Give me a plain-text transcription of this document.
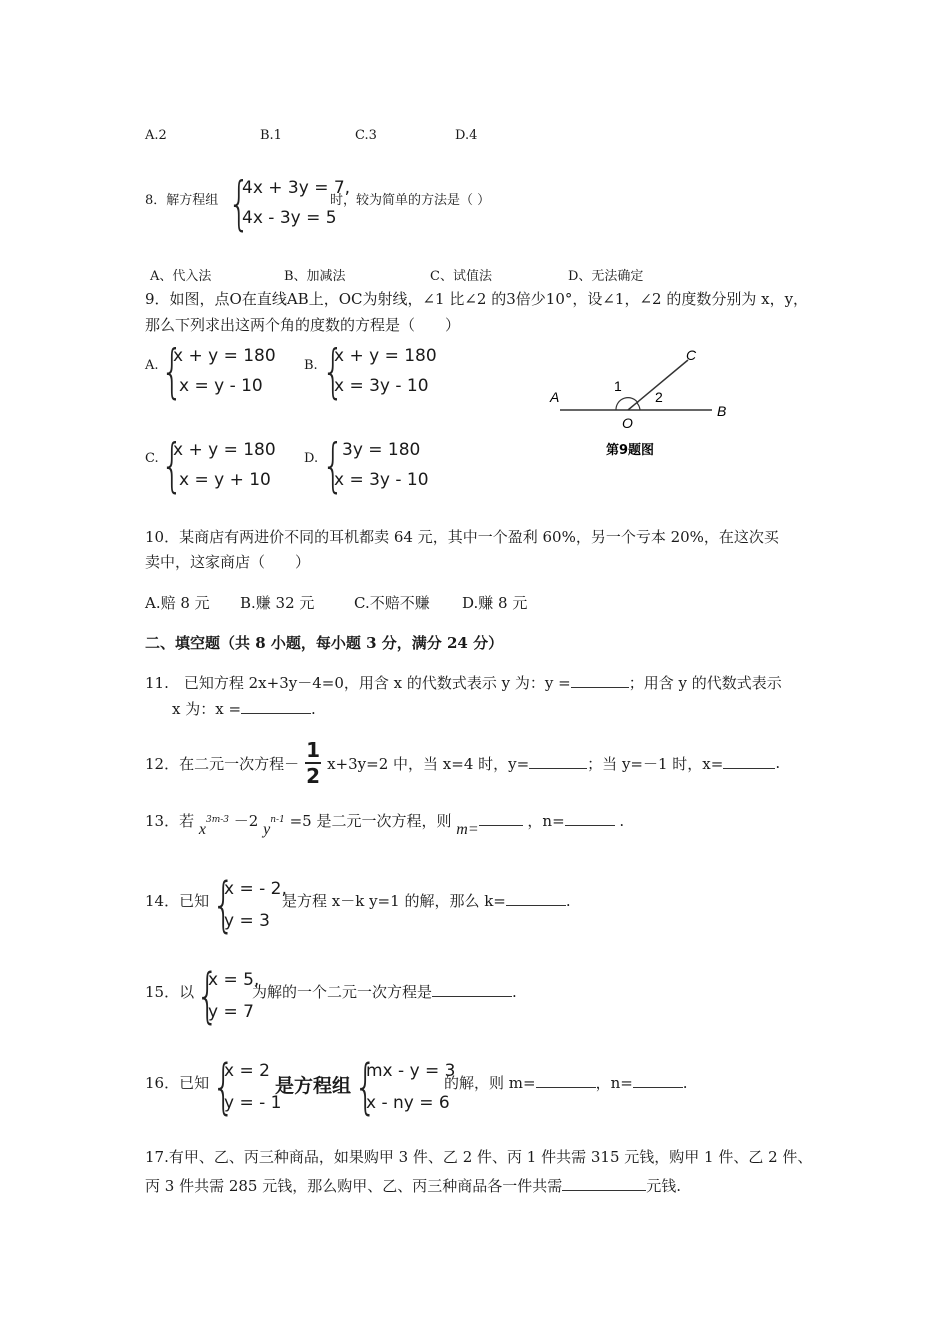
A.2	B.1	C.3	D.4
8．解方程组 {
4x + 3y = 7,
4x - 3y = 5
时，较为简单的方法是（ ）
A、代入法	B、加减法	C、试值法	D、无法确定
9．如图，点O在直线AB上，OC为射线，∠1 比∠2 的3倍少10°，设∠1，∠2 的度数分别为 x，y，
那么下列求出这两个角的度数的方程是（　　）
A. {
x + y = 180
x = y - 10
B. {
x + y = 180
x = 3y - 10
C. {
x + y = 180
x = y + 10
D. {
3y = 180
x = 3y - 10
A
B
C
O
1
2
第9题图
10．某商店有两进价不同的耳机都卖 64 元，其中一个盈利 60%，另一个亏本 20%，在这次买
卖中，这家商店（　　）
A.赔 8 元 B.赚 32 元	C.不赔不赚 D.赚 8 元
二、填空题（共 8 小题，每小题 3 分，满分 24 分）
11.　已知方程 2x+3y－4=0，用含 x 的代数式表示 y 为：y =	；用含 y 的代数式表示
x 为：x =	.
12．在二元一次方程－ $\frac{1}{2} x+3y=2$ 中，当 x=4 时，y=	；当 y=－1 时，x=	.
13．若 $x^{3m-3} -2$ $y^{n-1} =5$ 是二元一次方程，则 m=	，n=	.
14．已知 {
x = - 2,
y = 3
是方程 x－k y=1 的解，那么 k=	.
15．以 {
x = 5,
y = 7
为解的一个二元一次方程是	.
16．已知 {
x = 2
y = - 1
是方程组 {
mx - y = 3
x - ny = 6
的解，则 m=	，n=	.
17.有甲、乙、丙三种商品，如果购甲 3 件、乙 2 件、丙 1 件共需 315 元钱，购甲 1 件、乙 2 件、
丙 3 件共需 285 元钱，那么购甲、乙、丙三种商品各一件共需	元钱.
